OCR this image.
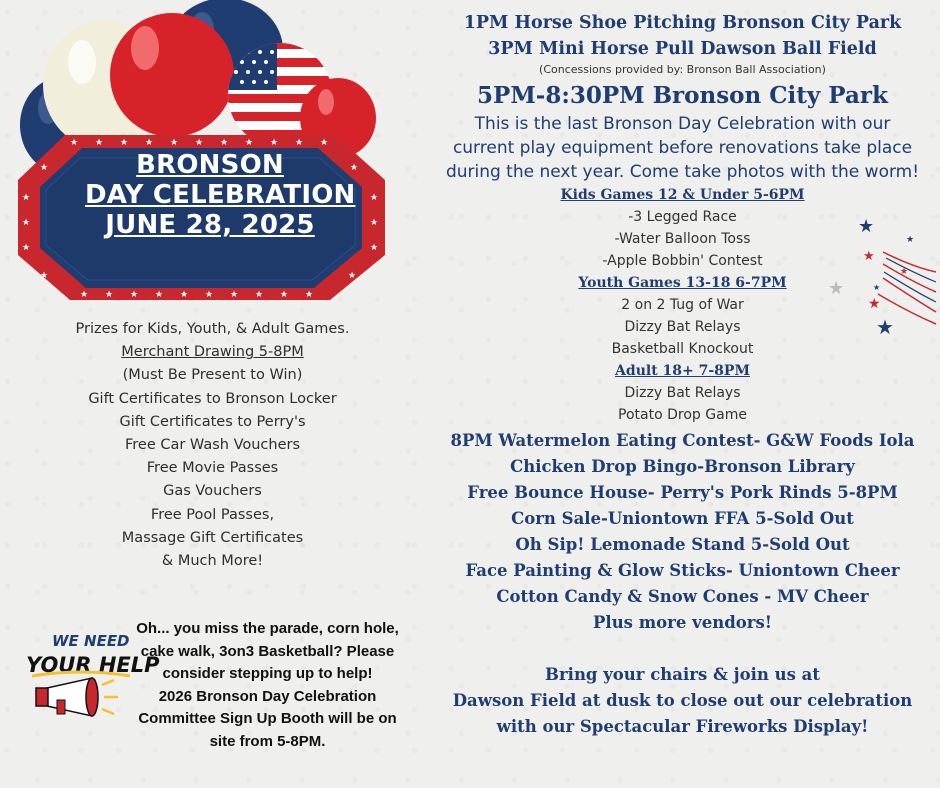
★ ★ ★ ★ ★ ★ ★ ★ ★ ★ ★
★ ★ ★ ★ ★ ★ ★ ★ ★ ★
★
★
★
★
★
★
★	★
★	★
BRONSON
DAY CELEBRATION
JUNE 28, 2025
Prizes for Kids, Youth, & Adult Games.
Merchant Drawing 5-8PM
(Must Be Present to Win)
Gift Certificates to Bronson Locker
Gift Certificates to Perry's
Free Car Wash Vouchers
Free Movie Passes
Gas Vouchers
Free Pool Passes,
Massage Gift Certificates
& Much More!
WE NEED
YOUR HELP
Oh... you miss the parade, corn hole,
cake walk, 3on3 Basketball? Please
consider stepping up to help!
2026 Bronson Day Celebration
Committee Sign Up Booth will be on
site from 5-8PM.
1PM Horse Shoe Pitching Bronson City Park
3PM Mini Horse Pull Dawson Ball Field
(Concessions provided by: Bronson Ball Association)
5PM-8:30PM Bronson City Park
This is the last Bronson Day Celebration with our
current play equipment before renovations take place
during the next year. Come take photos with the worm!
Kids Games 12 & Under 5-6PM
-3 Legged Race
-Water Balloon Toss
-Apple Bobbin' Contest
Youth Games 13-18 6-7PM
2 on 2 Tug of War
Dizzy Bat Relays
Basketball Knockout
Adult 18+ 7-8PM
Dizzy Bat Relays
Potato Drop Game
8PM Watermelon Eating Contest- G&W Foods Iola
Chicken Drop Bingo-Bronson Library
Free Bounce House- Perry's Pork Rinds 5-8PM
Corn Sale-Uniontown FFA 5-Sold Out
Oh Sip! Lemonade Stand 5-Sold Out
Face Painting & Glow Sticks- Uniontown Cheer
Cotton Candy & Snow Cones - MV Cheer
Plus more vendors!
Bring your chairs & join us at
Dawson Field at dusk to close out our celebration
with our Spectacular Fireworks Display!
★
★
★
★
★
★
★
★
